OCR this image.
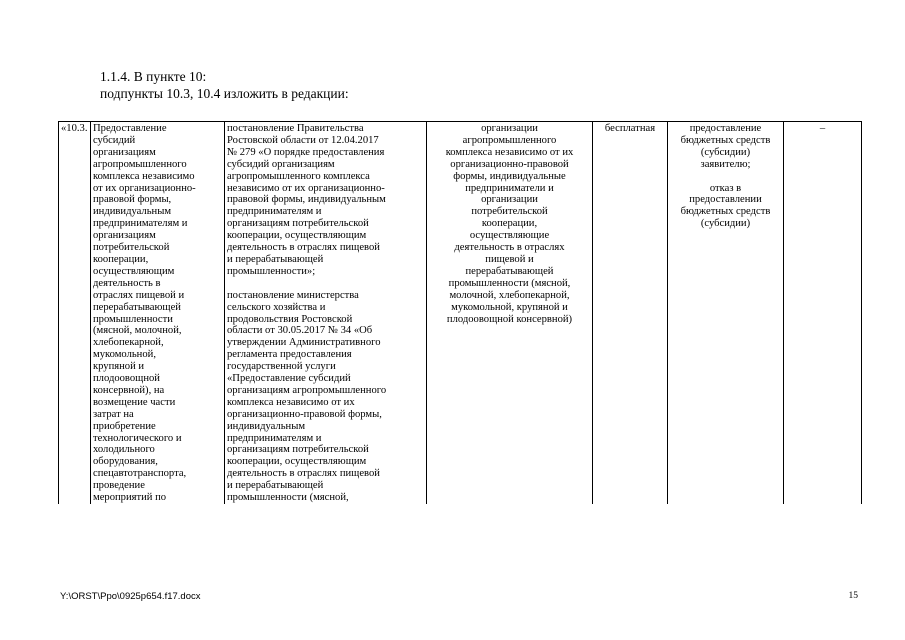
1.1.4. В пункте 10:
подпункты 10.3, 10.4 изложить в редакции:
«10.3.	Предоставление
субсидий
организациям
агропромышленного
комплекса независимо
от их организационно-
правовой формы,
индивидуальным
предпринимателям и
организациям
потребительской
кооперации,
осуществляющим
деятельность в
отраслях пищевой и
перерабатывающей
промышленности
(мясной, молочной,
хлебопекарной,
мукомольной,
крупяной и
плодоовощной
консервной), на
возмещение части
затрат на
приобретение
технологического и
холодильного
оборудования,
спецавтотранспорта,
проведение
мероприятий по	постановление Правительства
Ростовской области от 12.04.2017
№ 279 «О порядке предоставления
субсидий организациям
агропромышленного комплекса
независимо от их организационно-
правовой формы, индивидуальным
предпринимателям и
организациям потребительской
кооперации, осуществляющим
деятельность в отраслях пищевой
и перерабатывающей
промышленности»;

постановление министерства
сельского хозяйства и
продовольствия Ростовской
области от 30.05.2017 № 34 «Об
утверждении Административного
регламента предоставления
государственной услуги
«Предоставление субсидий
организациям агропромышленного
комплекса независимо от их
организационно-правовой формы,
индивидуальным
предпринимателям и
организациям потребительской
кооперации, осуществляющим
деятельность в отраслях пищевой
и перерабатывающей
промышленности (мясной,	организации
агропромышленного
комплекса независимо от их
организационно-правовой
формы, индивидуальные
предприниматели и
организации
потребительской
кооперации,
осуществляющие
деятельность в отраслях
пищевой и
перерабатывающей
промышленности (мясной,
молочной, хлебопекарной,
мукомольной, крупяной и
плодоовощной консервной)	бесплатная	предоставление
бюджетных средств
(субсидии)
заявителю;

отказ в
предоставлении
бюджетных средств
(субсидии)	–
Y:\ORST\Ppo\0925p654.f17.docx	15
